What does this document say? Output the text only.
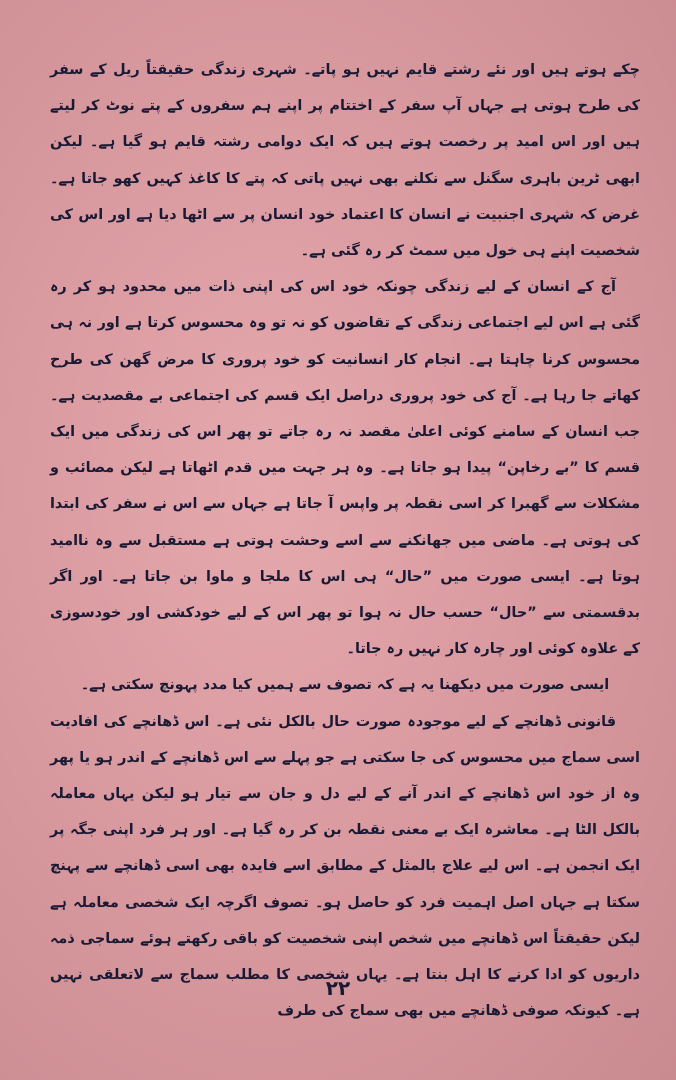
چکے ہوتے ہیں اور نئے رشتے قایم نہیں ہو پاتے۔ شہری زندگی حقیقتاً ریل کے سفر کی طرح ہوتی ہے جہاں آپ سفر کے اختتام پر اپنے ہم سفروں کے پتے نوٹ کر لیتے ہیں اور اس امید پر رخصت ہوتے ہیں کہ ایک دوامی رشتہ قایم ہو گیا ہے۔ لیکن ابھی ٹرین باہری سگنل سے نکلنے بھی نہیں پاتی کہ پتے کا کاغذ کہیں کھو جاتا ہے۔ غرض کہ شہری اجنبیت نے انسان کا اعتماد خود انسان پر سے اٹھا دیا ہے اور اس کی شخصیت اپنے ہی خول میں سمٹ کر رہ گئی ہے۔

آج کے انسان کے لیے زندگی چونکہ خود اس کی اپنی ذات میں محدود ہو کر رہ گئی ہے اس لیے اجتماعی زندگی کے تقاضوں کو نہ تو وہ محسوس کرتا ہے اور نہ ہی محسوس کرنا چاہتا ہے۔ انجام کار انسانیت کو خود پروری کا مرض گھن کی طرح کھاتے جا رہا ہے۔ آج کی خود پروری دراصل ایک قسم کی اجتماعی بے مقصدیت ہے۔ جب انسان کے سامنے کوئی اعلیٰ مقصد نہ رہ جاتے تو پھر اس کی زندگی میں ایک قسم کا ”بے رخاپن“ پیدا ہو جاتا ہے۔ وہ ہر جہت میں قدم اٹھاتا ہے لیکن مصائب و مشکلات سے گھبرا کر اسی نقطہ پر واپس آ جاتا ہے جہاں سے اس نے سفر کی ابتدا کی ہوتی ہے۔ ماضی میں جھانکنے سے اسے وحشت ہوتی ہے مستقبل سے وہ ناامید ہوتا ہے۔ ایسی صورت میں ”حال“ ہی اس کا ملجا و ماوا بن جاتا ہے۔ اور اگر بدقسمتی سے ”حال“ حسب حال نہ ہوا تو پھر اس کے لیے خودکشی اور خودسوزی کے علاوہ کوئی اور چارہ کار نہیں رہ جاتا۔

ایسی صورت میں دیکھنا یہ ہے کہ تصوف سے ہمیں کیا مدد پہونچ سکتی ہے۔

قانونی ڈھانچے کے لیے موجودہ صورت حال بالکل نئی ہے۔ اس ڈھانچے کی افادیت اسی سماج میں محسوس کی جا سکتی ہے جو پہلے سے اس ڈھانچے کے اندر ہو یا پھر وہ از خود اس ڈھانچے کے اندر آنے کے لیے دل و جان سے تیار ہو لیکن یہاں معاملہ بالکل الٹا ہے۔ معاشرہ ایک بے معنی نقطہ بن کر رہ گیا ہے۔ اور ہر فرد اپنی جگہ پر ایک انجمن ہے۔ اس لیے علاج بالمثل کے مطابق اسے فایدہ بھی اسی ڈھانچے سے پہنچ سکتا ہے جہاں اصل اہمیت فرد کو حاصل ہو۔ تصوف اگرچہ ایک شخصی معاملہ ہے لیکن حقیقتاً اس ڈھانچے میں شخص اپنی شخصیت کو باقی رکھتے ہوئے سماجی ذمہ داریوں کو ادا کرنے کا اہل بنتا ہے۔ یہاں شخصی کا مطلب سماج سے لاتعلقی نہیں ہے۔ کیونکہ صوفی ڈھانچے میں بھی سماج کی طرف

۲۲
